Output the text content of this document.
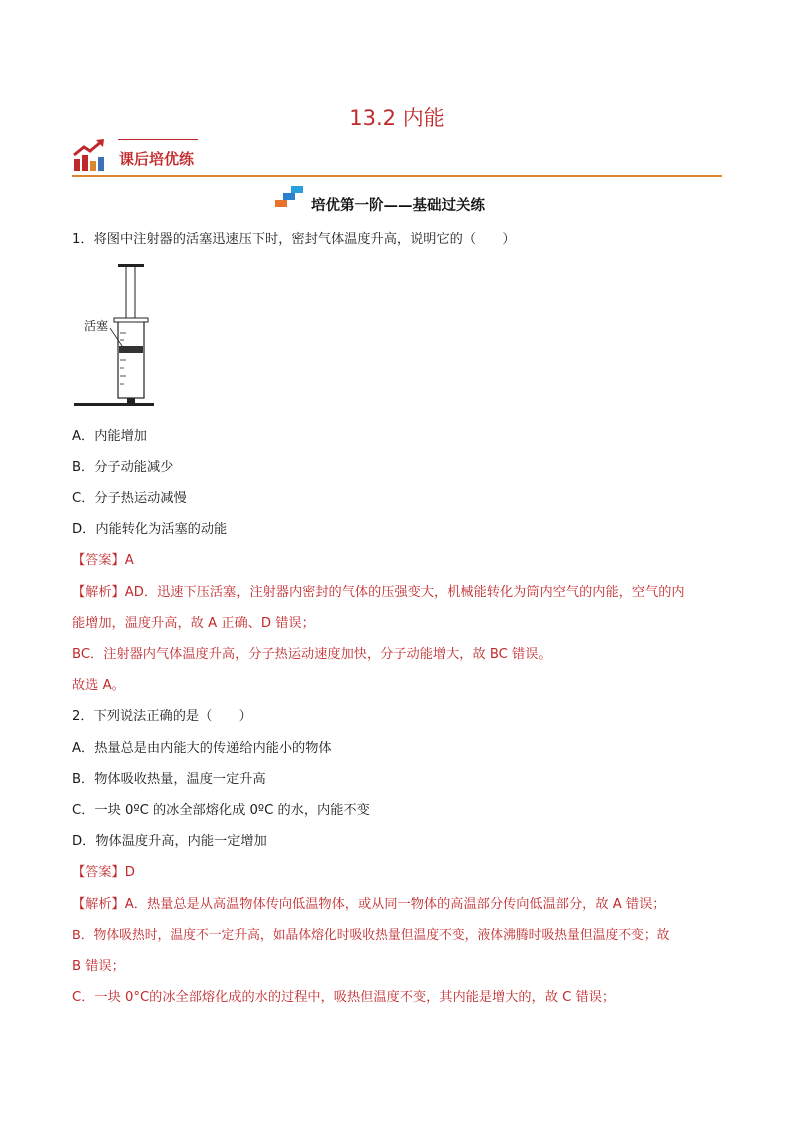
13.2 内能
课后培优练
培优第一阶——基础过关练
1．将图中注射器的活塞迅速压下时，密封气体温度升高，说明它的（　　）
活塞
A．内能增加
B．分子动能减少
C．分子热运动减慢
D．内能转化为活塞的动能
【答案】A
【解析】AD．迅速下压活塞，注射器内密封的气体的压强变大，机械能转化为筒内空气的内能，空气的内
能增加，温度升高，故 A 正确、D 错误；
BC．注射器内气体温度升高，分子热运动速度加快，分子动能增大，故 BC 错误。
故选 A。
2．下列说法正确的是（　　）
A．热量总是由内能大的传递给内能小的物体
B．物体吸收热量，温度一定升高
C．一块 0ºC 的冰全部熔化成 0ºC 的水，内能不变
D．物体温度升高，内能一定增加
【答案】D
【解析】A．热量总是从高温物体传向低温物体，或从同一物体的高温部分传向低温部分，故 A 错误；
B．物体吸热时，温度不一定升高，如晶体熔化时吸收热量但温度不变，液体沸腾时吸热量但温度不变；故
B 错误；
C．一块 0°C的冰全部熔化成的水的过程中，吸热但温度不变，其内能是增大的，故 C 错误；
